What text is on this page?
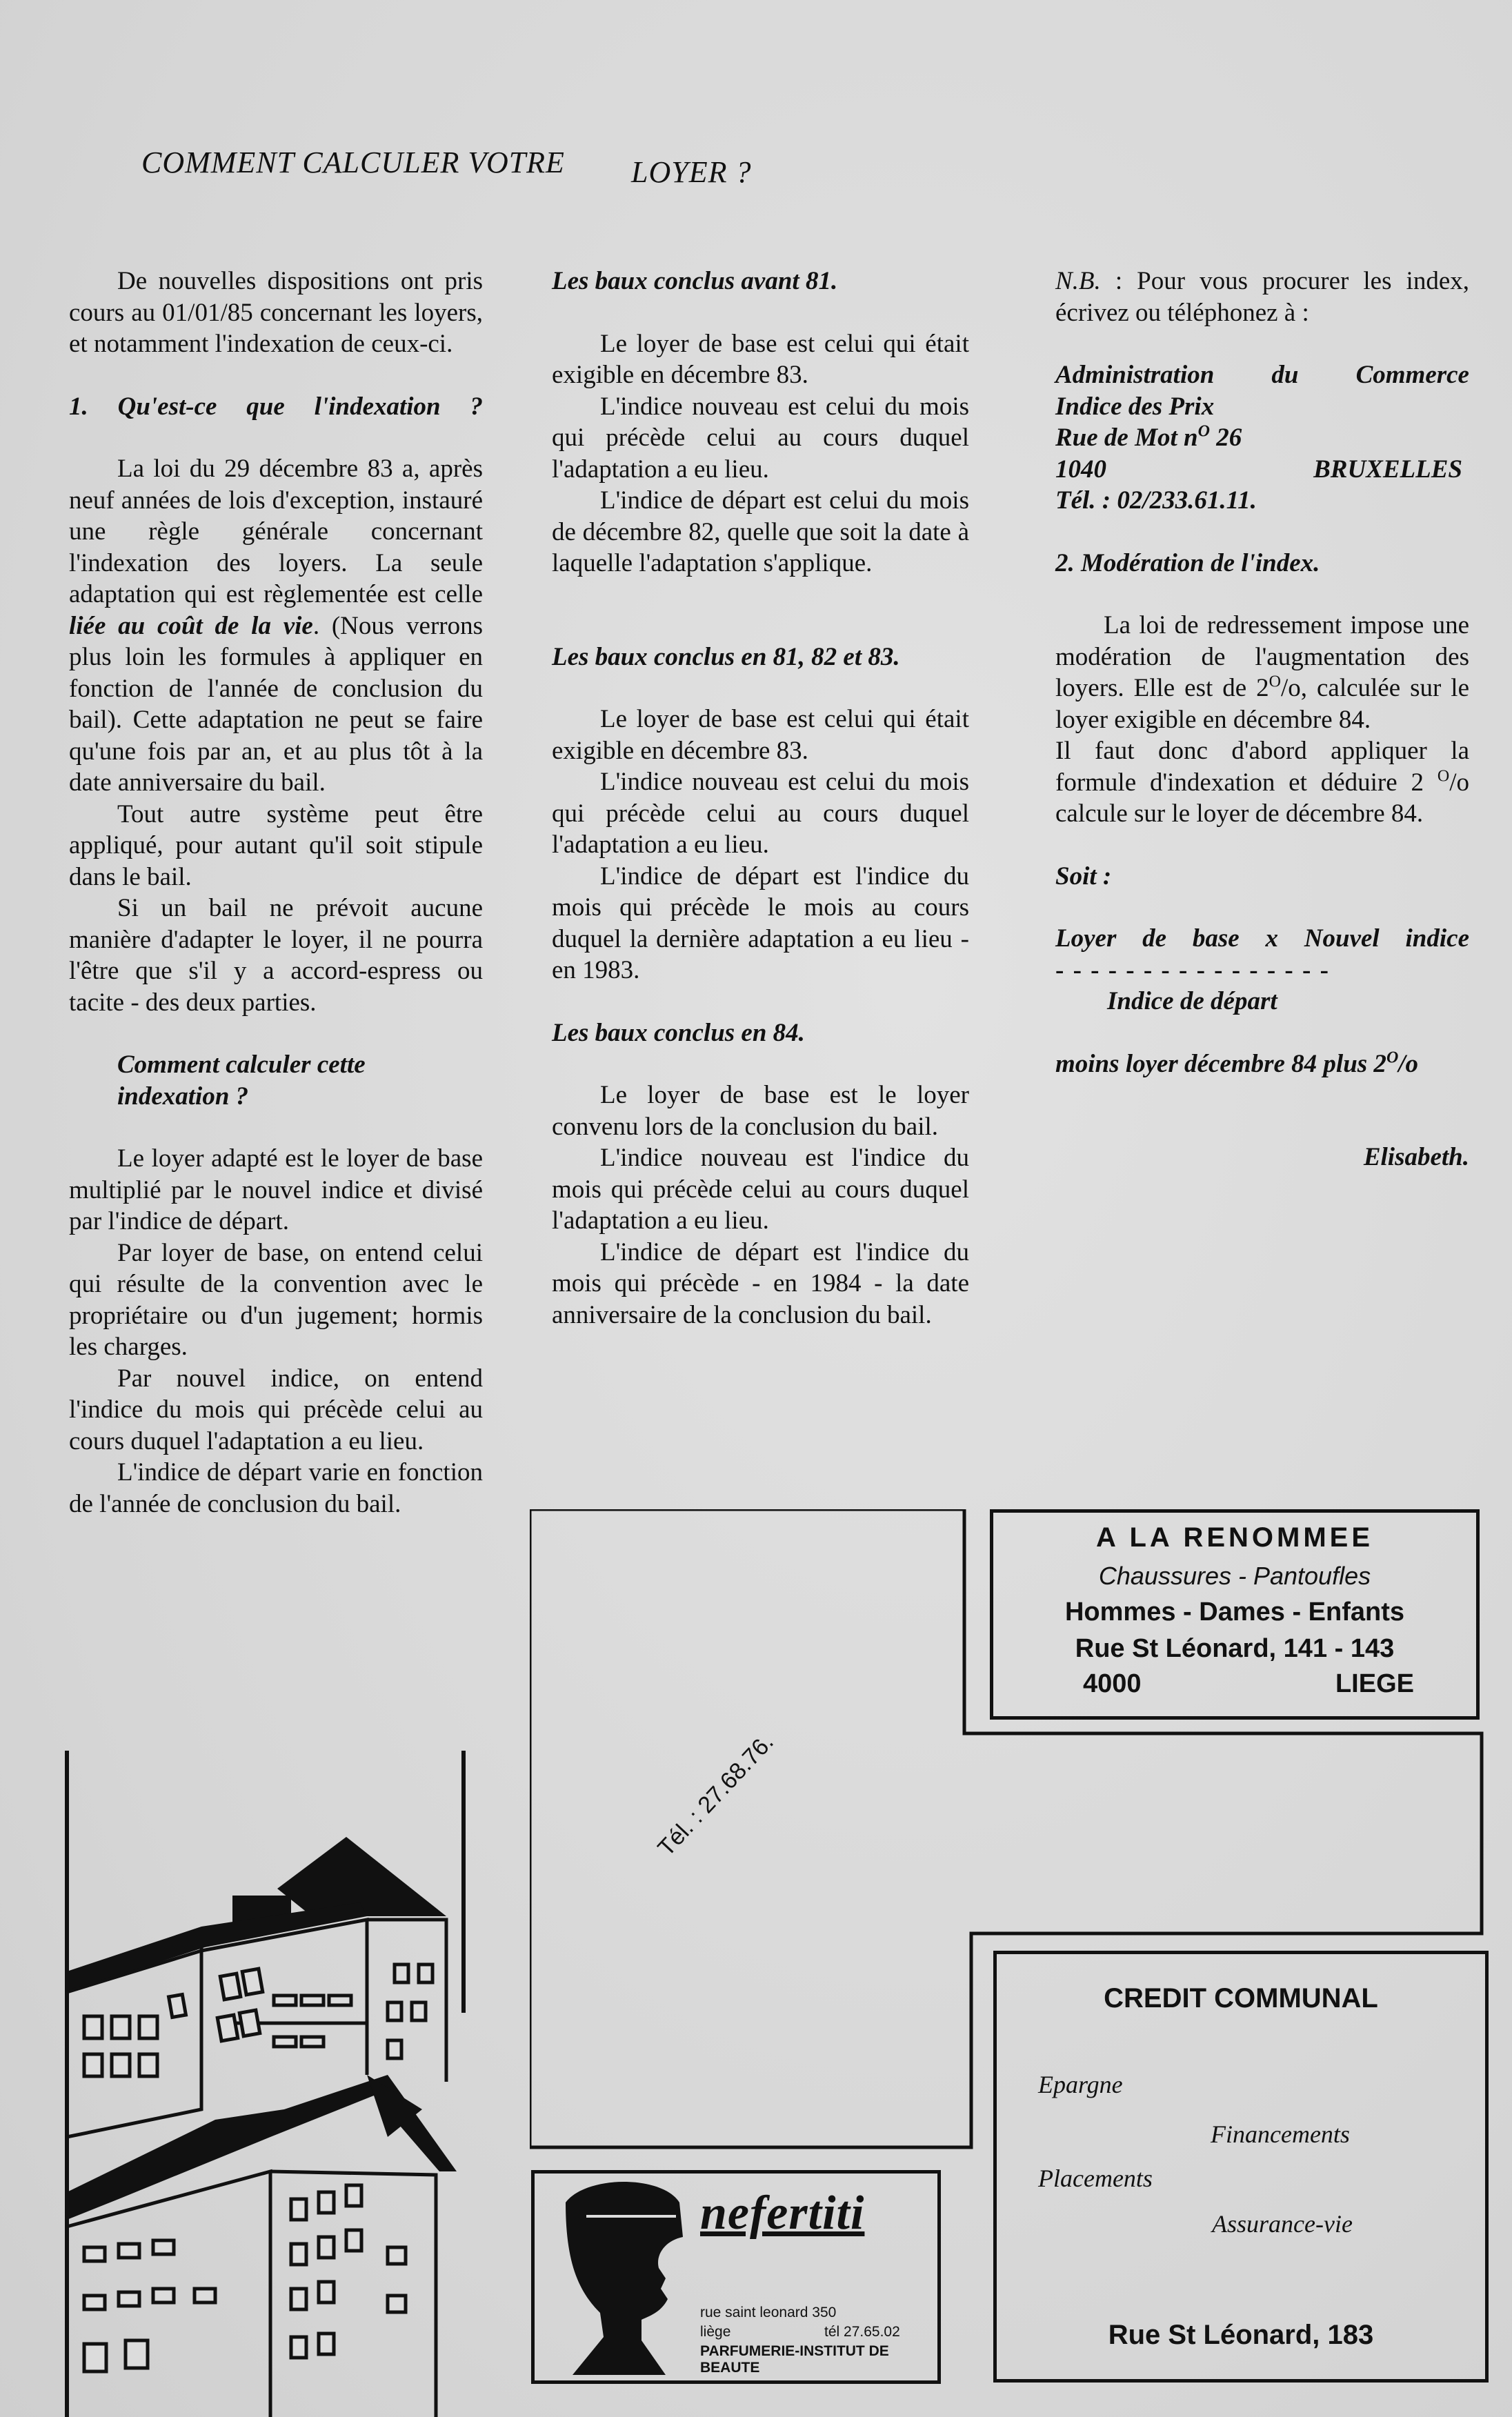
COMMENT CALCULER VOTRE LOYER ?

De nouvelles dispositions ont pris cours au 01/01/85 concernant les loyers, et notamment l'indexation de ceux-ci.

1. Qu'est-ce que l'indexation ?

La loi du 29 décembre 83 a, après neuf années de lois d'exception, instauré une règle générale concernant l'indexation des loyers. La seule adaptation qui est règlementée est celle liée au coût de la vie. (Nous verrons plus loin les formules à appliquer en fonction de l'année de conclusion du bail). Cette adaptation ne peut se faire qu'une fois par an, et au plus tôt à la date anniversaire du bail.

Tout autre système peut être appliqué, pour autant qu'il soit stipule dans le bail.

Si un bail ne prévoit aucune manière d'adapter le loyer, il ne pourra l'être que s'il y a accord-espress ou tacite - des deux parties.

Comment calculer cette indexation ?

Le loyer adapté est le loyer de base multiplié par le nouvel indice et divisé par l'indice de départ.

Par loyer de base, on entend celui qui résulte de la convention avec le propriétaire ou d'un jugement; hormis les charges.

Par nouvel indice, on entend l'indice du mois qui précède celui au cours duquel l'adaptation a eu lieu.

L'indice de départ varie en fonction de l'année de conclusion du bail.

Les baux conclus avant 81.

Le loyer de base est celui qui était exigible en décembre 83.

L'indice nouveau est celui du mois qui précède celui au cours duquel l'adaptation a eu lieu.

L'indice de départ est celui du mois de décembre 82, quelle que soit la date à laquelle l'adaptation s'applique.

Les baux conclus en 81, 82 et 83.

Le loyer de base est celui qui était exigible en décembre 83.

L'indice nouveau est celui du mois qui précède celui au cours duquel l'adaptation a eu lieu.

L'indice de départ est l'indice du mois qui précède le mois au cours duquel la dernière adaptation a eu lieu - en 1983.

Les baux conclus en 84.

Le loyer de base est le loyer convenu lors de la conclusion du bail.

L'indice nouveau est l'indice du mois qui précède celui au cours duquel l'adaptation a eu lieu.

L'indice de départ est l'indice du mois qui précède - en 1984 - la date anniversaire de la conclusion du bail.

N.B. : Pour vous procurer les index, écrivez ou téléphonez à :

Administration du Commerce

Indice des Prix

Rue de Mot $n^O$ 26

1040	BRUXELLES

Tél. : 02/233.61.11.

2. Modération de l'index.

La loi de redressement impose une modération de l'augmentation des loyers. Elle est de $2^O/o$, calculée sur le loyer exigible en décembre 84.

Il faut donc d'abord appliquer la formule d'indexation et déduire 2 $^O$/o calcule sur le loyer de décembre 84.

Soit :

Loyer de base x Nouvel indice

- - - - - - - - - - - - - - - -

Indice de départ

moins loyer décembre 84 plus $2^O/o$

Elisabeth.

Tél. : 27.68.76.
A LA RENOMMEE
Chaussures - Pantoufles
Hommes - Dames - Enfants
Rue St Léonard, 141 - 143
4000	LIEGE
CREDIT COMMUNAL
Epargne
Financements
Placements
Assurance-vie
Rue St Léonard, 183
nefertiti
rue saint leonard 350
liège	tél 27.65.02
PARFUMERIE-INSTITUT DE BEAUTE
